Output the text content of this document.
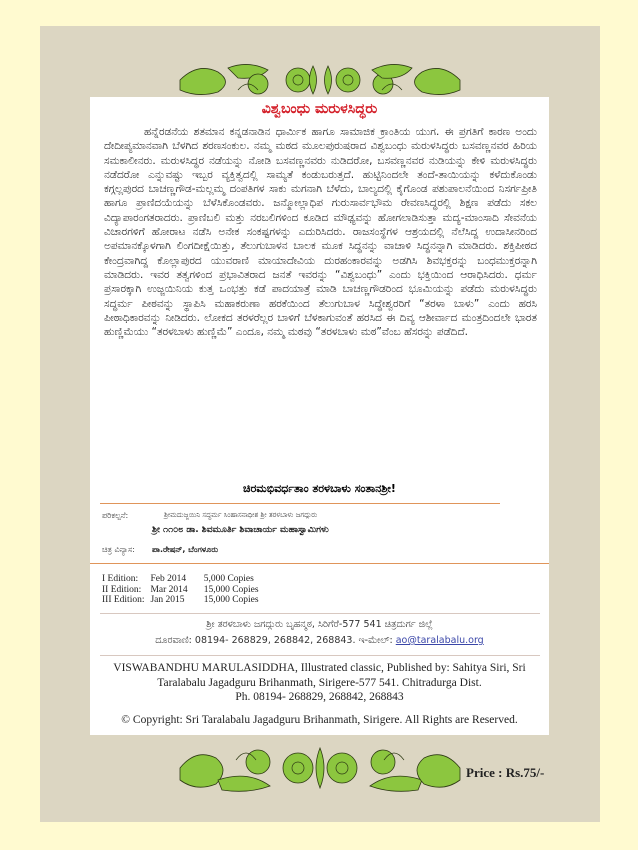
ವಿಶ್ವಬಂಧು ಮರುಳಸಿದ್ಧರು
ಹನ್ನೆರಡನೆಯ ಶತಮಾನ ಕನ್ನಡನಾಡಿನ ಧಾರ್ಮಿಕ ಹಾಗೂ ಸಾಮಾಜಿಕ ಕ್ರಾಂತಿಯ ಯುಗ. ಈ ಪ್ರಗತಿಗೆ ಕಾರಣ ಅಂದು ದೇದೀಪ್ಯಮಾನವಾಗಿ ಬೆಳಗಿದ ಶರಣಸಂಕುಲ. ನಮ್ಮ ಮಠದ ಮೂಲಪುರುಷರಾದ ವಿಶ್ವಬಂಧು ಮರುಳಸಿದ್ಧರು ಬಸವಣ್ಣನವರ ಹಿರಿಯ ಸಮಕಾಲೀನರು. ಮರುಳಸಿದ್ಧರ ನಡೆಯನ್ನು ನೋಡಿ ಬಸವಣ್ಣನವರು ನುಡಿದರೋ, ಬಸವಣ್ಣನವರ ನುಡಿಯನ್ನು ಕೇಳಿ ಮರುಳಸಿದ್ಧರು ನಡೆದರೋ ಎನ್ನುವಷ್ಟು ಇಬ್ಬರ ವ್ಯಕ್ತಿತ್ವದಲ್ಲಿ ಸಾಮ್ಯತೆ ಕಂಡುಬರುತ್ತದೆ. ಹುಟ್ಟಿನಿಂದಲೇ ತಂದೆ-ತಾಯಿಯನ್ನು ಕಳೆದುಕೊಂಡು ಕಗ್ಗಲ್ಲಪುರದ ಬಾಚಣ್ಣಗೌಡ-ಮಲ್ಲಮ್ಮ ದಂಪತಿಗಳ ಸಾಕು ಮಗನಾಗಿ ಬೆಳೆದು, ಬಾಲ್ಯದಲ್ಲಿ ಕೈಗೊಂಡ ಪಶುಪಾಲನೆಯಿಂದ ನಿಸರ್ಗಪ್ರೀತಿ ಹಾಗೂ ಪ್ರಾಣಿದಯೆಯನ್ನು ಬೆಳೆಸಿಕೊಂಡವರು. ಜನ್ಮೋಲ್ಲಾಧಿಪ ಗುರುಸಾರ್ವಭೌಮ ರೇವಣಸಿದ್ಧರಲ್ಲಿ ಶಿಕ್ಷಣ ಪಡೆದು ಸಕಲ ವಿದ್ಯಾಪಾರಂಗತರಾದರು. ಪ್ರಾಣಿಬಲಿ ಮತ್ತು ನರಬಲಿಗಳಿಂದ ಕೂಡಿದ ಮೌಢ್ಯವನ್ನು ಹೋಗಲಾಡಿಸುತ್ತಾ ಮದ್ಯ-ಮಾಂಸಾದಿ ಸೇವನೆಯ ವಿಚಾರಗಳಿಗೆ ಹೋರಾಟ ನಡೆಸಿ ಅನೇಕ ಸಂಕಷ್ಟಗಳನ್ನು ಎದುರಿಸಿದರು. ರಾಜಸಂಸ್ಥೆಗಳ ಆಶ್ರಯದಲ್ಲಿ ನೆಲೆಸಿದ್ದ ಉದಾಸೀನರಿಂದ ಅಪಮಾನಕ್ಕೊಳಗಾಗಿ ಲಿಂಗದೀಕ್ಷೆಯಿತ್ತು, ತೆಲುಗುಬಾಳನ ಬಾಲಕ ಮೂಕ ಸಿದ್ಧನನ್ನು ವಾಚಾಳಿ ಸಿದ್ಧನನ್ನಾಗಿ ಮಾಡಿದರು. ಶಕ್ತಿಪೀಠದ ಕೇಂದ್ರವಾಗಿದ್ದ ಕೊಲ್ಲಾಪುರದ ಯುವರಾಣಿ ಮಾಯಾದೇವಿಯ ದುರಹಂಕಾರವನ್ನು ಅಡಗಿಸಿ ಶಿವಭಕ್ತರನ್ನು ಬಂಧಮುಕ್ತರನ್ನಾಗಿ ಮಾಡಿದರು. ಇವರ ತತ್ವಗಳಿಂದ ಪ್ರಭಾವಿತರಾದ ಜನತೆ ಇವರನ್ನು “ವಿಶ್ವಬಂಧು” ಎಂದು ಭಕ್ತಿಯಿಂದ ಆರಾಧಿಸಿದರು. ಧರ್ಮ ಪ್ರಸಾರಕ್ಕಾಗಿ ಉಜ್ಜಯಿನಿಯ ಕುತ್ತ ಒಂಭತ್ತು ಕಡೆ ಪಾದಯಾತ್ರೆ ಮಾಡಿ ಬಾಚಣ್ಣಗೌಡರಿಂದ ಭೂಮಿಯನ್ನು ಪಡೆದು ಮರುಳಸಿದ್ಧರು ಸದ್ಧರ್ಮ ಪೀಠವನ್ನು ಸ್ಥಾಪಿಸಿ ಮಹಾಕರುಣಾ ಹರಕೆಯಿಂದ ತೆಲುಗುಬಾಳ ಸಿದ್ಧೇಶ್ವರರಿಗೆ “ತರಳಾ ಬಾಳು” ಎಂದು ಹರಸಿ ಪೀಠಾಧಿಕಾರವನ್ನು ನೀಡಿದರು. ಲೋಕದ ತರಳರೆಲ್ಲರ ಬಾಳಿಗೆ ಬೆಳಕಾಗುವಂತೆ ಹರಸಿದ ಈ ದಿವ್ಯ ಆಶೀರ್ವಾದ ಮಂತ್ರದಿಂದಲೇ ಭಾರತ ಹುಣ್ಣಿಮೆಯು “ತರಳಬಾಳು ಹುಣ್ಣಿಮೆ” ಎಂದೂ, ನಮ್ಮ ಮಠವು “ತರಳಬಾಳು ಮಠ”ವೆಂಬ ಹೆಸರನ್ನು ಪಡೆದಿದೆ.
ಚಿರಮಭಿವರ್ಧತಾಂ ತರಳಬಾಳು ಸಂತಾನಶ್ರೀ!
ಪರಿಕಲ್ಪನೆ:	ಶ್ರೀಮದುಜ್ಜಯಿನಿ ಸದ್ಧರ್ಮ ಸಿಂಹಾಸನಾಧೀಶ ಶ್ರೀ ತರಳಬಾಳು ಜಗದ್ಗುರು
ಶ್ರೀ ೧೧೦೮ ಡಾ. ಶಿವಮೂರ್ತಿ ಶಿವಾಚಾರ್ಯ ಮಹಾಸ್ವಾಮಿಗಳು
ಚಿತ್ರ ವಿನ್ಯಾಸ: ಪಾ.ರೇಷನ್, ಬೆಂಗಳೂರು
I Edition:	Feb 2014	5,000 Copies
II Edition:	Mar 2014	15,000 Copies
III Edition:	Jan 2015	15,000 Copies
ಶ್ರೀ ತರಳಬಾಳು ಜಗದ್ಗುರು ಬೃಹನ್ಮಠ, ಸಿರಿಗೆರೆ-577 541 ಚಿತ್ರದುರ್ಗ ಜಿಲ್ಲೆ
ದೂರವಾಣಿ: 08194- 268829, 268842, 268843. ಇ-ಮೇಲ್: ao@taralabalu.org
VISWABANDHU MARULASIDDHA, Illustrated classic, Published by: Sahitya Siri, Sri
Taralabalu Jagadguru Brihanmath, Sirigere-577 541. Chitradurga Dist.
Ph. 08194- 268829, 268842, 268843
© Copyright: Sri Taralabalu Jagadguru Brihanmath, Sirigere. All Rights are Reserved.
Price : Rs.75/-
